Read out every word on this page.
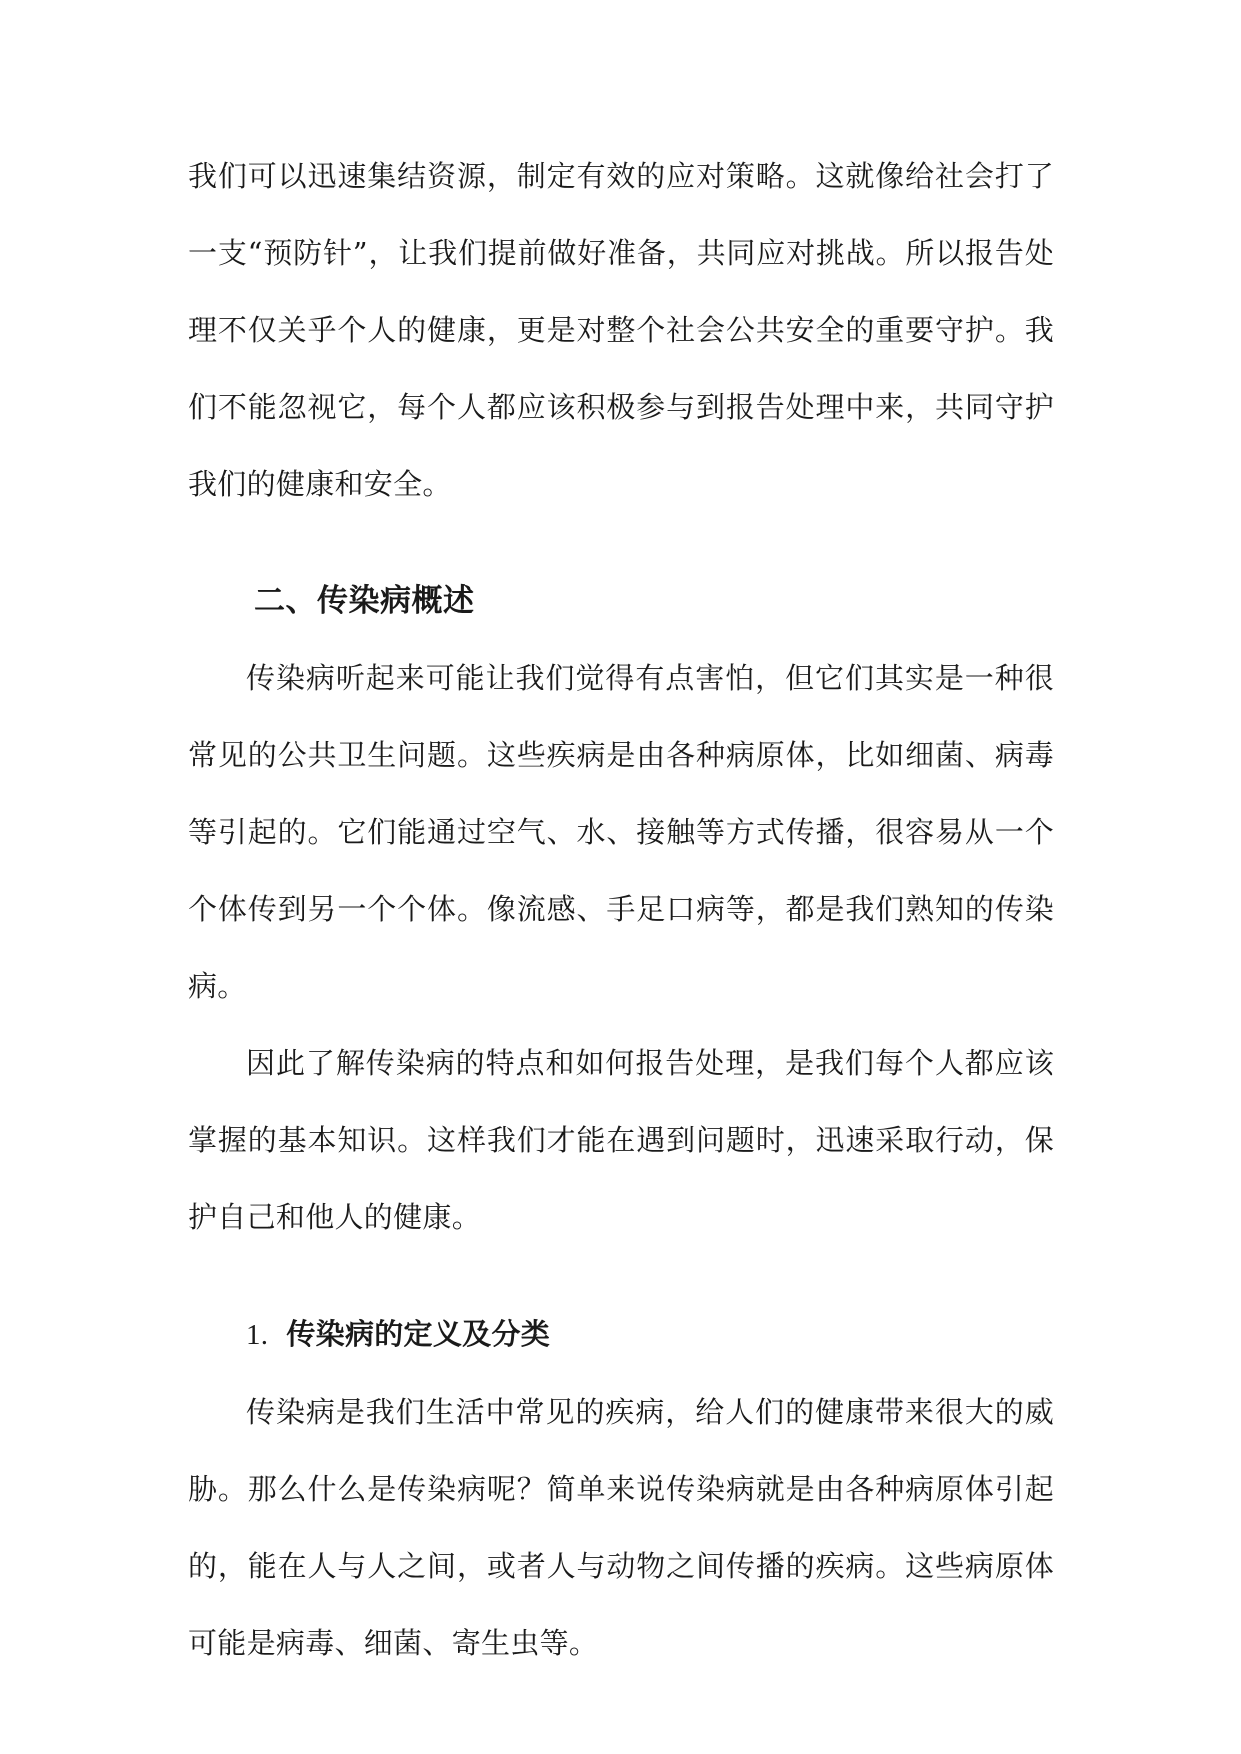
我们可以迅速集结资源，制定有效的应对策略。这就像给社会打了一支“预防针”，让我们提前做好准备，共同应对挑战。所以报告处理不仅关乎个人的健康，更是对整个社会公共安全的重要守护。我们不能忽视它，每个人都应该积极参与到报告处理中来，共同守护我们的健康和安全。

二、传染病概述

传染病听起来可能让我们觉得有点害怕，但它们其实是一种很常见的公共卫生问题。这些疾病是由各种病原体，比如细菌、病毒等引起的。它们能通过空气、水、接触等方式传播，很容易从一个个体传到另一个个体。像流感、手足口病等，都是我们熟知的传染病。

因此了解传染病的特点和如何报告处理，是我们每个人都应该掌握的基本知识。这样我们才能在遇到问题时，迅速采取行动，保护自己和他人的健康。

1. 传染病的定义及分类

传染病是我们生活中常见的疾病，给人们的健康带来很大的威胁。那么什么是传染病呢？简单来说传染病就是由各种病原体引起的，能在人与人之间，或者人与动物之间传播的疾病。这些病原体可能是病毒、细菌、寄生虫等。
